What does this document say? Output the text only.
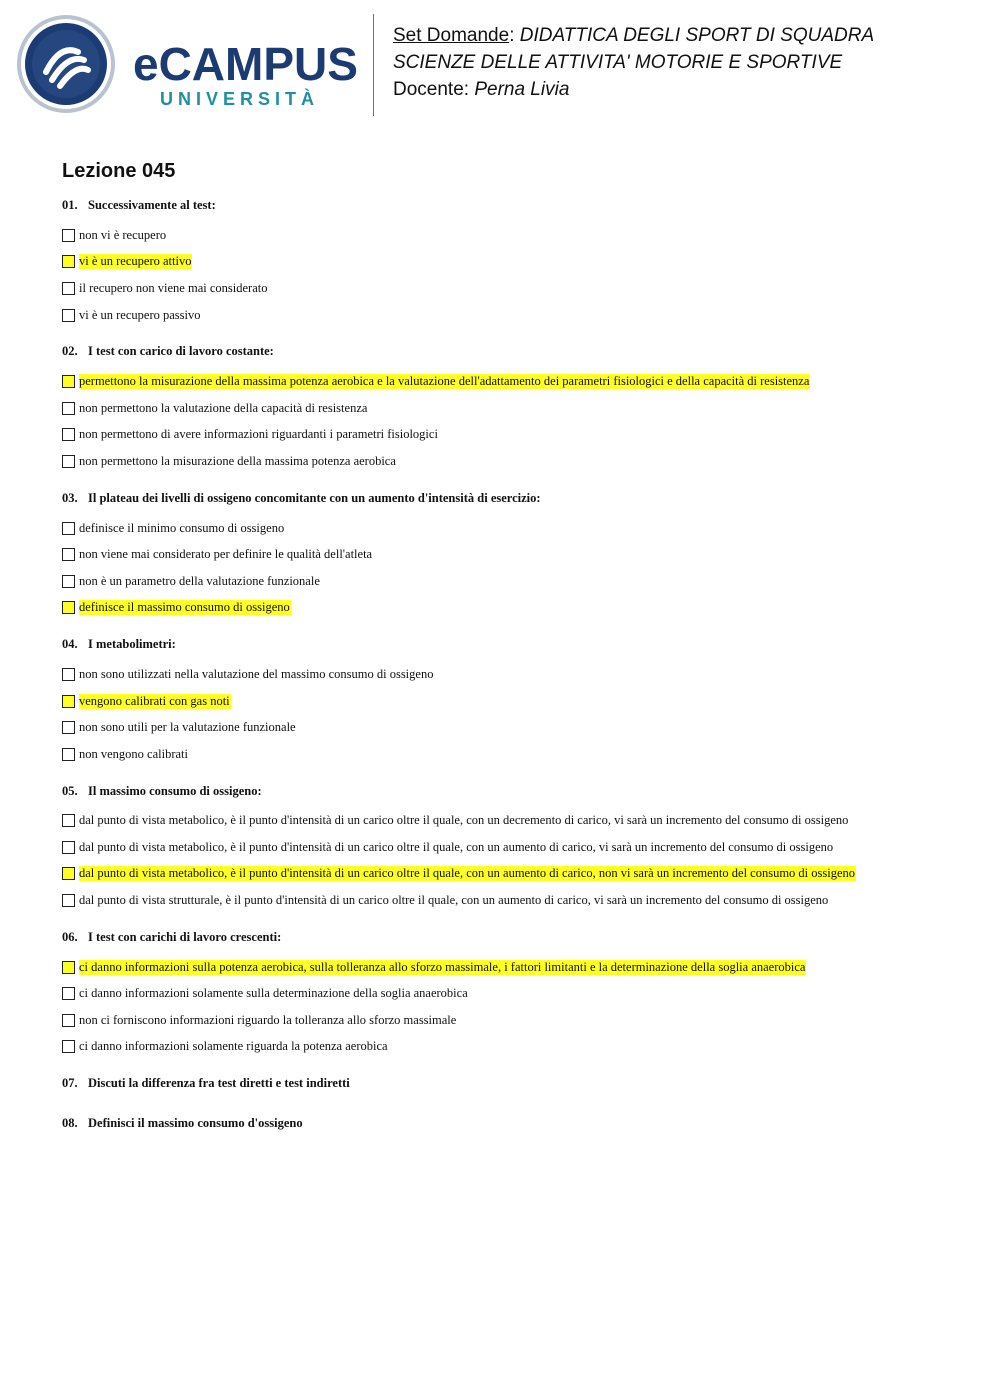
eCAMPUS
UNIVERSITÀ
Set Domande: DIDATTICA DEGLI SPORT DI SQUADRA
SCIENZE DELLE ATTIVITA' MOTORIE E SPORTIVE
Docente: Perna Livia
Lezione 045
01. Successivamente al test:
non vi è recupero
vi è un recupero attivo
il recupero non viene mai considerato
vi è un recupero passivo
02. I test con carico di lavoro costante:
permettono la misurazione della massima potenza aerobica e la valutazione dell'adattamento dei parametri fisiologici e della capacità di resistenza
non permettono la valutazione della capacità di resistenza
non permettono di avere informazioni riguardanti i parametri fisiologici
non permettono la misurazione della massima potenza aerobica
03. Il plateau dei livelli di ossigeno concomitante con un aumento d'intensità di esercizio:
definisce il minimo consumo di ossigeno
non viene mai considerato per definire le qualità dell'atleta
non è un parametro della valutazione funzionale
definisce il massimo consumo di ossigeno
04. I metabolimetri:
non sono utilizzati nella valutazione del massimo consumo di ossigeno
vengono calibrati con gas noti
non sono utili per la valutazione funzionale
non vengono calibrati
05. Il massimo consumo di ossigeno:
dal punto di vista metabolico, è il punto d'intensità di un carico oltre il quale, con un decremento di carico, vi sarà un incremento del consumo di ossigeno
dal punto di vista metabolico, è il punto d'intensità di un carico oltre il quale, con un aumento di carico, vi sarà un incremento del consumo di ossigeno
dal punto di vista metabolico, è il punto d'intensità di un carico oltre il quale, con un aumento di carico, non vi sarà un incremento del consumo di ossigeno
dal punto di vista strutturale, è il punto d'intensità di un carico oltre il quale, con un aumento di carico, vi sarà un incremento del consumo di ossigeno
06. I test con carichi di lavoro crescenti:
ci danno informazioni sulla potenza aerobica, sulla tolleranza allo sforzo massimale, i fattori limitanti e la determinazione della soglia anaerobica
ci danno informazioni solamente sulla determinazione della soglia anaerobica
non ci forniscono informazioni riguardo la tolleranza allo sforzo massimale
ci danno informazioni solamente riguarda la potenza aerobica
07. Discuti la differenza fra test diretti e test indiretti
08. Definisci il massimo consumo d'ossigeno
